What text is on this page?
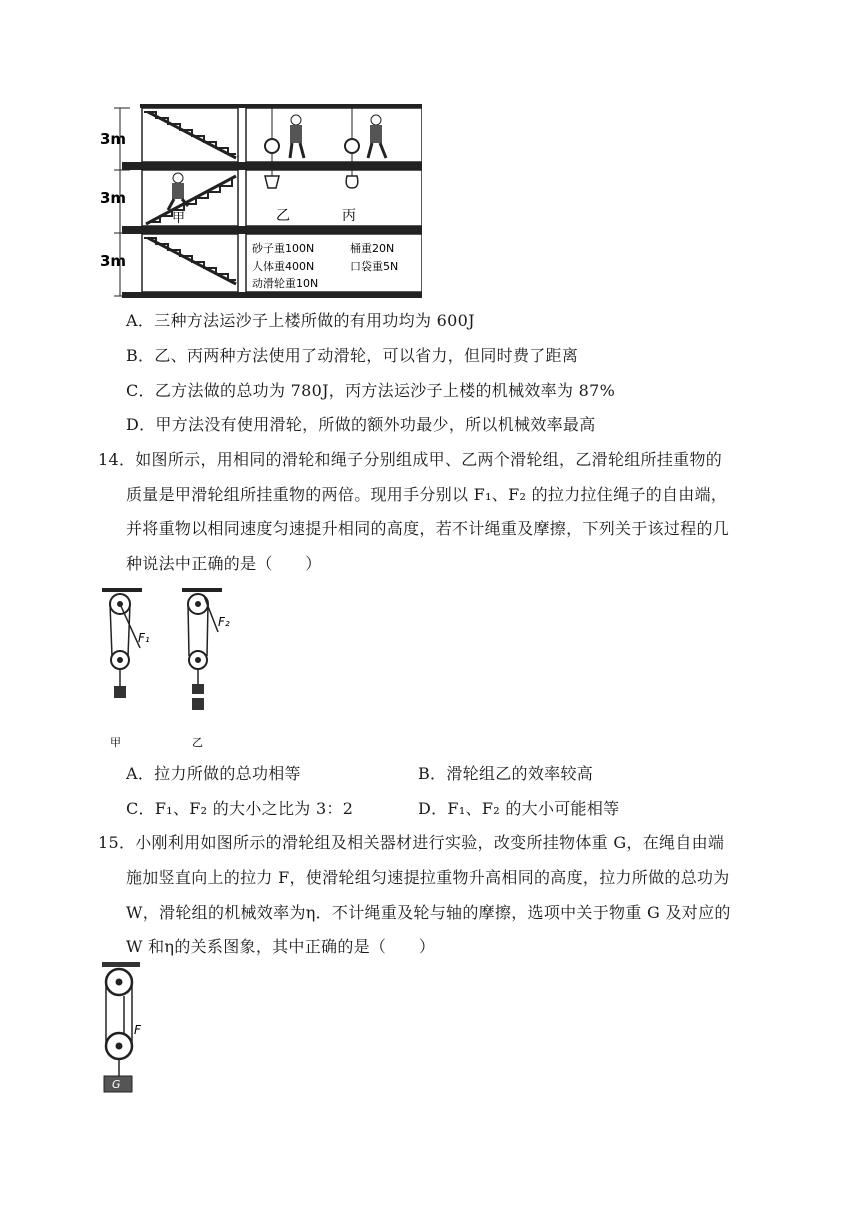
3m
3m
3m
甲	乙	丙
砂子重100N	桶重20N
人体重400N	口袋重5N
动滑轮重10N
A．三种方法运沙子上楼所做的有用功均为 600J
B．乙、丙两种方法使用了动滑轮，可以省力，但同时费了距离
C．乙方法做的总功为 780J，丙方法运沙子上楼的机械效率为 87%
D．甲方法没有使用滑轮，所做的额外功最少，所以机械效率最高
14．如图所示，用相同的滑轮和绳子分别组成甲、乙两个滑轮组，乙滑轮组所挂重物的
质量是甲滑轮组所挂重物的两倍。现用手分别以 F₁、F₂ 的拉力拉住绳子的自由端，
并将重物以相同速度匀速提升相同的高度，若不计绳重及摩擦，下列关于该过程的几
种说法中正确的是（　　）
F₁
甲
F₂
乙
A．拉力所做的总功相等	B．滑轮组乙的效率较高
C．F₁、F₂ 的大小之比为 3：2	D．F₁、F₂ 的大小可能相等
15．小刚利用如图所示的滑轮组及相关器材进行实验，改变所挂物体重 G，在绳自由端
施加竖直向上的拉力 F，使滑轮组匀速提拉重物升高相同的高度，拉力所做的总功为
W，滑轮组的机械效率为η．不计绳重及轮与轴的摩擦，选项中关于物重 G 及对应的
W 和η的关系图象，其中正确的是（　　）
F
G
